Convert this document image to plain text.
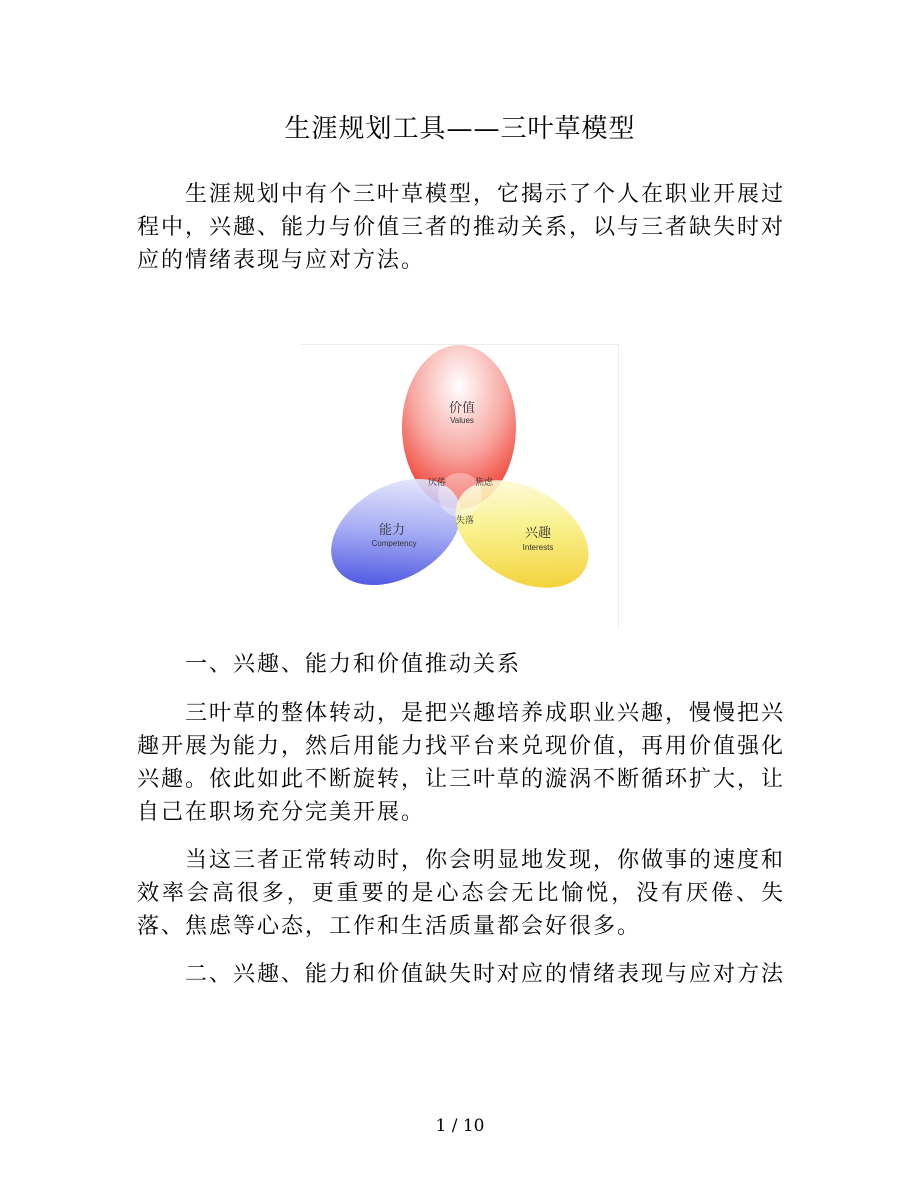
生涯规划工具——三叶草模型

生涯规划中有个三叶草模型，它揭示了个人在职业开展过程中，兴趣、能力与价值三者的推动关系，以与三者缺失时对应的情绪表现与应对方法。

价值
Values
能力
Competency
兴趣
Interests
厌倦	焦虑
失落
一、兴趣、能力和价值推动关系

三叶草的整体转动，是把兴趣培养成职业兴趣，慢慢把兴趣开展为能力，然后用能力找平台来兑现价值，再用价值强化兴趣。依此如此不断旋转，让三叶草的漩涡不断循环扩大，让自己在职场充分完美开展。

当这三者正常转动时，你会明显地发现，你做事的速度和效率会高很多，更重要的是心态会无比愉悦，没有厌倦、失落、焦虑等心态，工作和生活质量都会好很多。

二、兴趣、能力和价值缺失时对应的情绪表现与应对方法
1 / 10
